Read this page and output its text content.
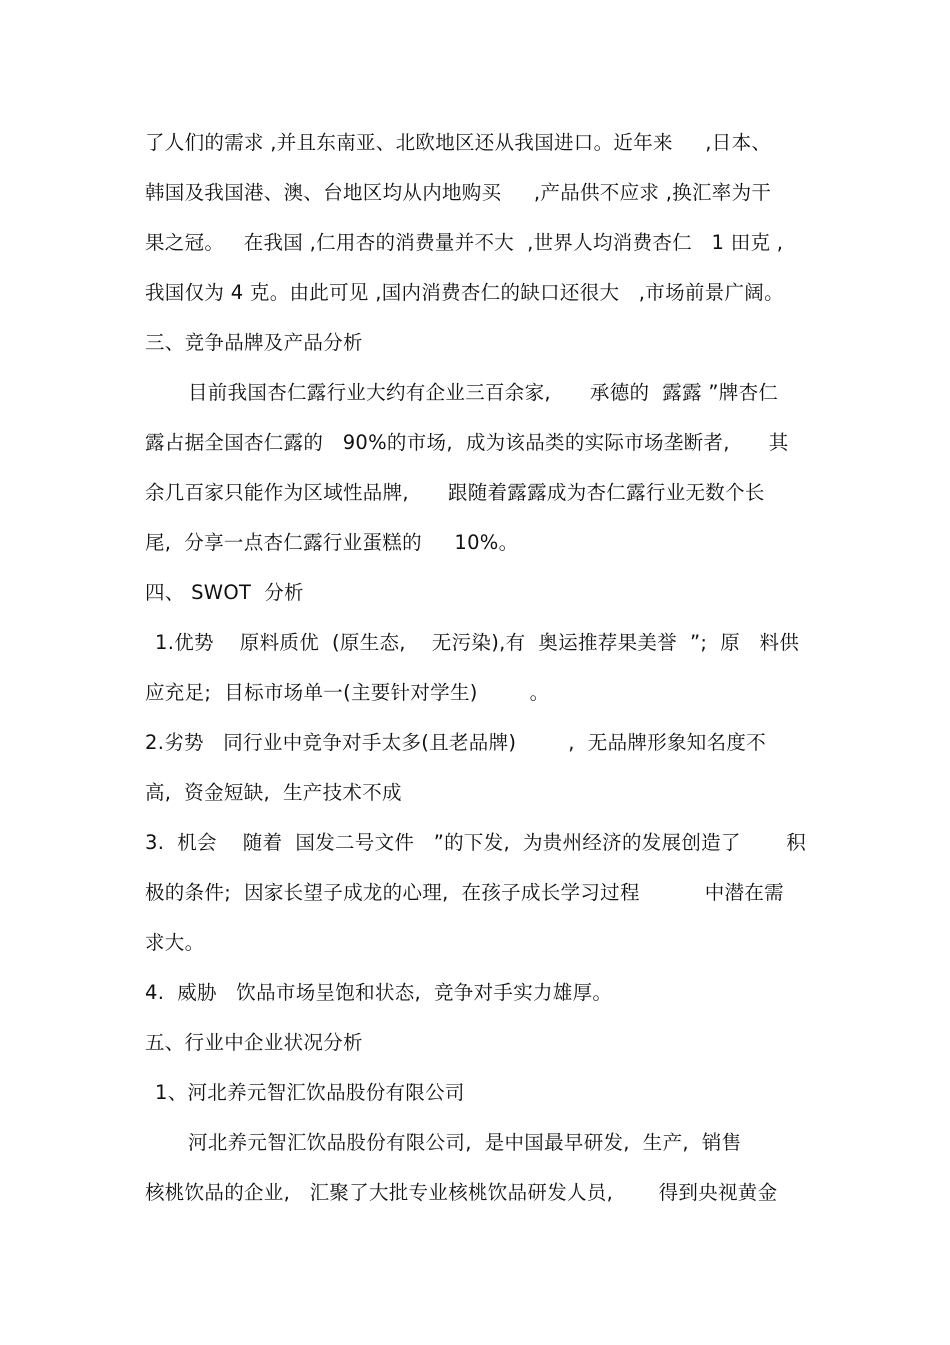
了人们的需求 ,并且东南亚、北欧地区还从我国进口。近年来     ,日本、
韩国及我国港、澳、台地区均从内地购买     ,产品供不应求 ,换汇率为干
果之冠。   在我国 ,仁用杏的消费量并不大  ,世界人均消费杏仁   1 田克 ,
我国仅为 4 克。由此可见 ,国内消费杏仁的缺口还很大   ,市场前景广阔。
三、竞争品牌及产品分析
目前我国杏仁露行业大约有企业三百余家,      承德的  露露 ”牌杏仁
露占据全国杏仁露的   90%的市场,  成为该品类的实际市场垄断者,      其
余几百家只能作为区域性品牌,      跟随着露露成为杏仁露行业无数个长
尾,  分享一点杏仁露行业蛋糕的     10%。
四、 SWOT  分析
1.优势    原料质优  (原生态,    无污染),有  奥运推荐果美誉  ”;  原   料供
应充足;  目标市场单一(主要针对学生)        。
2.劣势   同行业中竞争对手太多(且老品牌)        ,  无品牌形象知名度不
高,  资金短缺,  生产技术不成
3.  机会    随着  国发二号文件   ”的下发,  为贵州经济的发展创造了       积
极的条件;  因家长望子成龙的心理,  在孩子成长学习过程          中潜在需
求大。
4.  威胁   饮品市场呈饱和状态,  竞争对手实力雄厚。
五、行业中企业状况分析
1、河北养元智汇饮品股份有限公司
河北养元智汇饮品股份有限公司,  是中国最早研发,  生产,  销售
核桃饮品的企业,   汇聚了大批专业核桃饮品研发人员,       得到央视黄金
